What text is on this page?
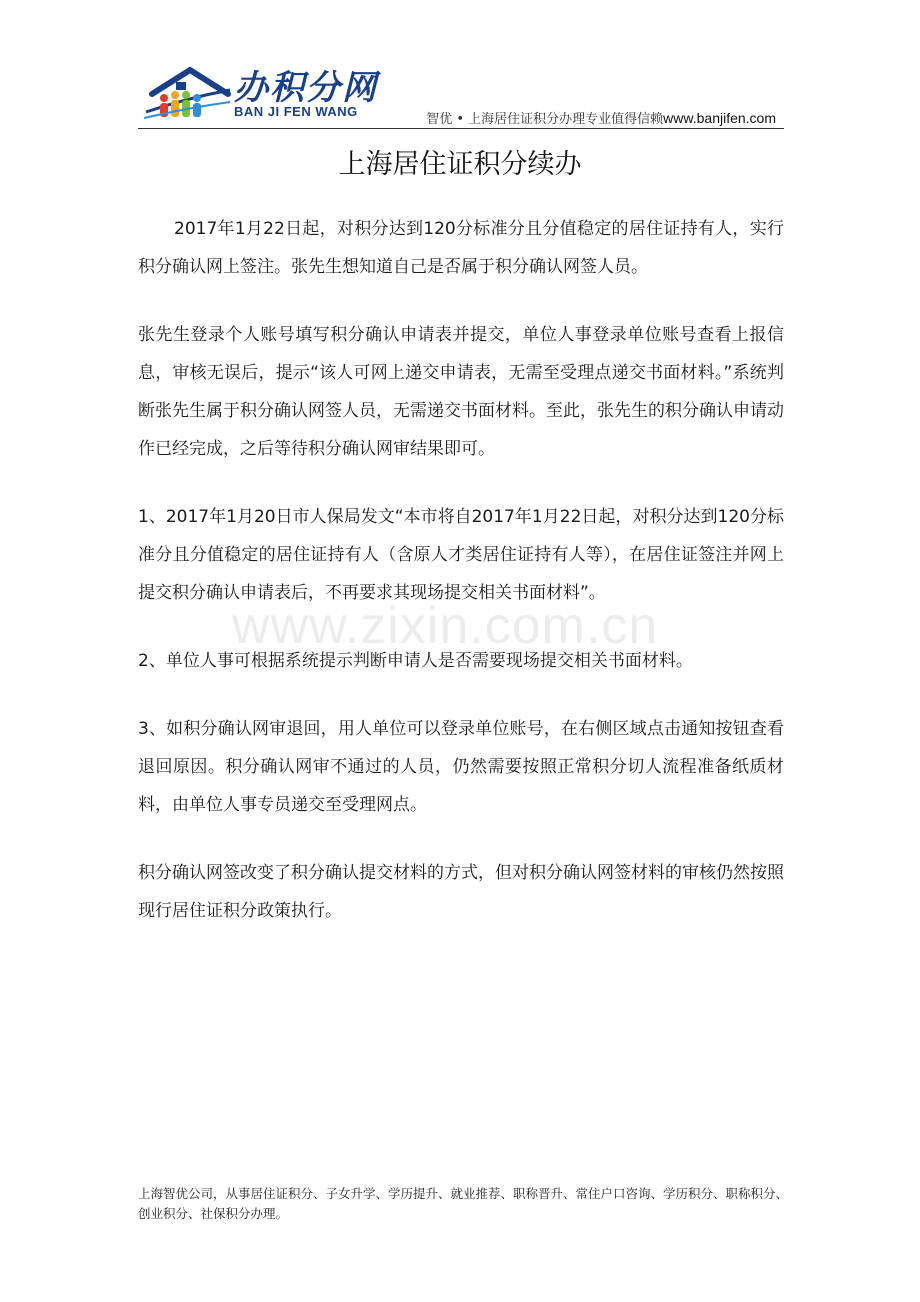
办积分网
BAN JI FEN WANG
智优 • 上海居住证积分办理专业值得信赖www.banjifen.com
上海居住证积分续办

2017年1月22日起，对积分达到120分标准分且分值稳定的居住证持有人，实行积分确认网上签注。张先生想知道自己是否属于积分确认网签人员。

张先生登录个人账号填写积分确认申请表并提交，单位人事登录单位账号查看上报信息，审核无误后，提示“该人可网上递交申请表，无需至受理点递交书面材料。”系统判断张先生属于积分确认网签人员，无需递交书面材料。至此，张先生的积分确认申请动作已经完成，之后等待积分确认网审结果即可。

1、2017年1月20日市人保局发文“本市将自2017年1月22日起，对积分达到120分标准分且分值稳定的居住证持有人（含原人才类居住证持有人等），在居住证签注并网上提交积分确认申请表后，不再要求其现场提交相关书面材料”。

2、单位人事可根据系统提示判断申请人是否需要现场提交相关书面材料。

3、如积分确认网审退回，用人单位可以登录单位账号，在右侧区域点击通知按钮查看退回原因。积分确认网审不通过的人员，仍然需要按照正常积分切人流程准备纸质材料，由单位人事专员递交至受理网点。

积分确认网签改变了积分确认提交材料的方式，但对积分确认网签材料的审核仍然按照现行居住证积分政策执行。

www.zixin.com.cn
上海智优公司，从事居住证积分、子女升学、学历提升、就业推荐、职称晋升、常住户口咨询、学历积分、职称积分、创业积分、社保积分办理。
